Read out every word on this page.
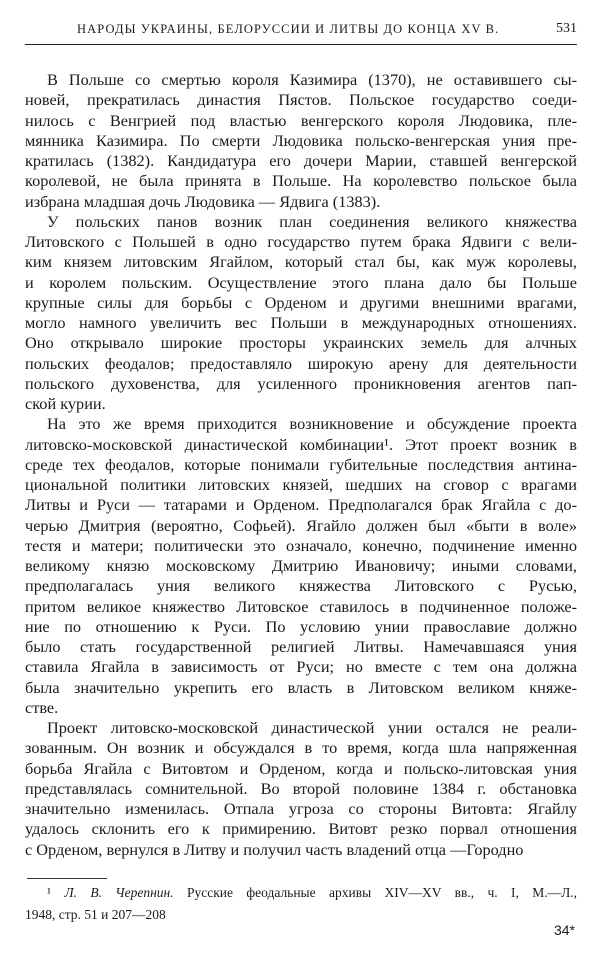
НАРОДЫ УКРАИНЫ, БЕЛОРУССИИ И ЛИТВЫ ДО КОНЦА XV В.	531
В Польше со смертью короля Казимира (1370), не оставившего сы-
новей, прекратилась династия Пястов. Польское государство соеди-
нилось с Венгрией под властью венгерского короля Людовика, пле-
мянника Казимира. По смерти Людовика польско-венгерская уния пре-
кратилась (1382). Кандидатура его дочери Марии, ставшей венгерской
королевой, не была принята в Польше. На королевство польское была
избрана младшая дочь Людовика — Ядвига (1383).
У польских панов возник план соединения великого княжества
Литовского с Польшей в одно государство путем брака Ядвиги с вели-
ким князем литовским Ягайлом, который стал бы, как муж королевы,
и королем польским. Осуществление этого плана дало бы Польше
крупные силы для борьбы с Орденом и другими внешними врагами,
могло намного увеличить вес Польши в международных отношениях.
Оно открывало широкие просторы украинских земель для алчных
польских феодалов; предоставляло широкую арену для деятельности
польского духовенства, для усиленного проникновения агентов пап-
ской курии.
На это же время приходится возникновение и обсуждение проекта
литовско-московской династической комбинации¹. Этот проект возник в
среде тех феодалов, которые понимали губительные последствия антина-
циональной политики литовских князей, шедших на сговор с врагами
Литвы и Руси — татарами и Орденом. Предполагался брак Ягайла с до-
черью Дмитрия (вероятно, Софьей). Ягайло должен был «быти в воле»
тестя и матери; политически это означало, конечно, подчинение именно
великому князю московскому Дмитрию Ивановичу; иными словами,
предполагалась уния великого княжества Литовского с Русью,
притом великое княжество Литовское ставилось в подчиненное положе-
ние по отношению к Руси. По условию унии православие должно
было стать государственной религией Литвы. Намечавшаяся уния
ставила Ягайла в зависимость от Руси; но вместе с тем она должна
была значительно укрепить его власть в Литовском великом княже-
стве.
Проект литовско-московской династической унии остался не реали-
зованным. Он возник и обсуждался в то время, когда шла напряженная
борьба Ягайла с Витовтом и Орденом, когда и польско-литовская уния
представлялась сомнительной. Во второй половине 1384 г. обстановка
значительно изменилась. Отпала угроза со стороны Витовта: Ягайлу
удалось склонить его к примирению. Витовт резко порвал отношения
с Орденом, вернулся в Литву и получил часть владений отца —Городно
¹ Л. В. Черепнин. Русские феодальные архивы XIV—XV вв., ч. I, М.—Л.,
1948, стр. 51 и 207—208
34*
